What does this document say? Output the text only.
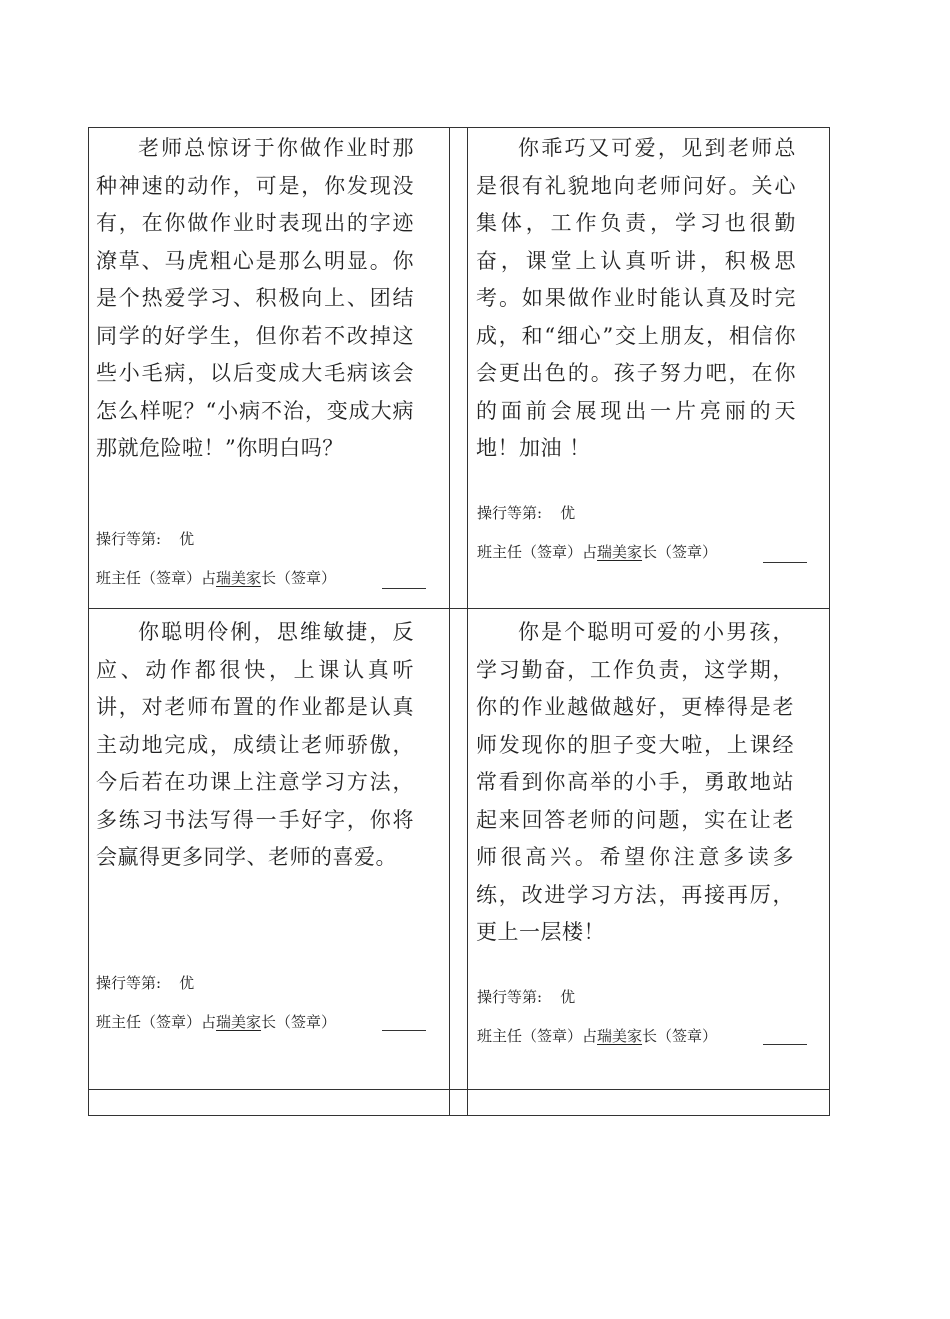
老师总惊讶于你做作业时那种神速的动作，可是，你发现没有，在你做作业时表现出的字迹潦草、马虎粗心是那么明显。你是个热爱学习、积极向上、团结同学的好学生，但你若不改掉这些小毛病，以后变成大毛病该会怎么样呢？“小病不治，变成大病那就危险啦！”你明白吗？
操行等第: 优
班主任（签章）占瑞美家长（签章）
你乖巧又可爱，见到老师总是很有礼貌地向老师问好。关心集体，工作负责，学习也很勤奋，课堂上认真听讲，积极思考。如果做作业时能认真及时完成，和“细心”交上朋友，相信你会更出色的。孩子努力吧，在你的面前会展现出一片亮丽的天地！加油 ！
操行等第: 优
班主任（签章）占瑞美家长（签章）
你聪明伶俐，思维敏捷，反应、动作都很快，上课认真听讲，对老师布置的作业都是认真主动地完成，成绩让老师骄傲，今后若在功课上注意学习方法，多练习书法写得一手好字，你将会赢得更多同学、老师的喜爱。
操行等第: 优
班主任（签章）占瑞美家长（签章）
你是个聪明可爱的小男孩，学习勤奋，工作负责，这学期，你的作业越做越好，更棒得是老师发现你的胆子变大啦，上课经常看到你高举的小手，勇敢地站起来回答老师的问题，实在让老师很高兴。希望你注意多读多练，改进学习方法，再接再厉，更上一层楼！
操行等第: 优
班主任（签章）占瑞美家长（签章）
